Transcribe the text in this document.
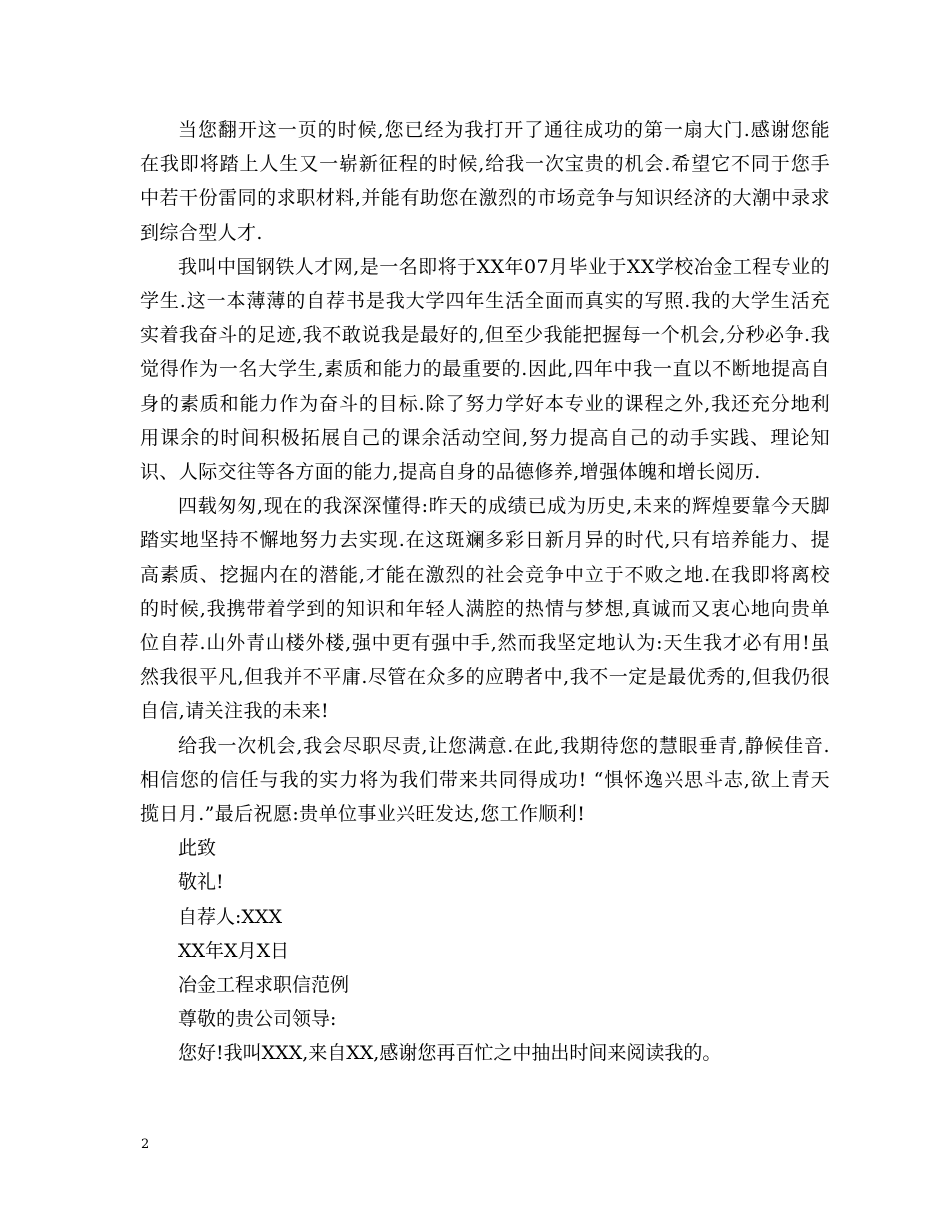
当您翻开这一页的时候,您已经为我打开了通往成功的第一扇大门.感谢您能在我即将踏上人生又一崭新征程的时候,给我一次宝贵的机会.希望它不同于您手中若干份雷同的求职材料,并能有助您在激烈的市场竞争与知识经济的大潮中录求到综合型人才.

我叫中国钢铁人才网,是一名即将于XX年07月毕业于XX学校冶金工程专业的学生.这一本薄薄的自荐书是我大学四年生活全面而真实的写照.我的大学生活充实着我奋斗的足迹,我不敢说我是最好的,但至少我能把握每一个机会,分秒必争.我觉得作为一名大学生,素质和能力的最重要的.因此,四年中我一直以不断地提高自身的素质和能力作为奋斗的目标.除了努力学好本专业的课程之外,我还充分地利用课余的时间积极拓展自己的课余活动空间,努力提高自己的动手实践、理论知识、人际交往等各方面的能力,提高自身的品德修养,增强体魄和增长阅历.

四载匆匆,现在的我深深懂得:昨天的成绩已成为历史,未来的辉煌要靠今天脚踏实地坚持不懈地努力去实现.在这斑斓多彩日新月异的时代,只有培养能力、提高素质、挖掘内在的潜能,才能在激烈的社会竞争中立于不败之地.在我即将离校的时候,我携带着学到的知识和年轻人满腔的热情与梦想,真诚而又衷心地向贵单位自荐.山外青山楼外楼,强中更有强中手,然而我坚定地认为:天生我才必有用!虽然我很平凡,但我并不平庸.尽管在众多的应聘者中,我不一定是最优秀的,但我仍很自信,请关注我的未来!

给我一次机会,我会尽职尽责,让您满意.在此,我期待您的慧眼垂青,静候佳音.相信您的信任与我的实力将为我们带来共同得成功! “惧怀逸兴思斗志,欲上青天揽日月.”最后祝愿:贵单位事业兴旺发达,您工作顺利!

此致

敬礼!

自荐人:XXX

XX年X月X日

冶金工程求职信范例

尊敬的贵公司领导:

您好!我叫XXX,来自XX,感谢您再百忙之中抽出时间来阅读我的。

2
